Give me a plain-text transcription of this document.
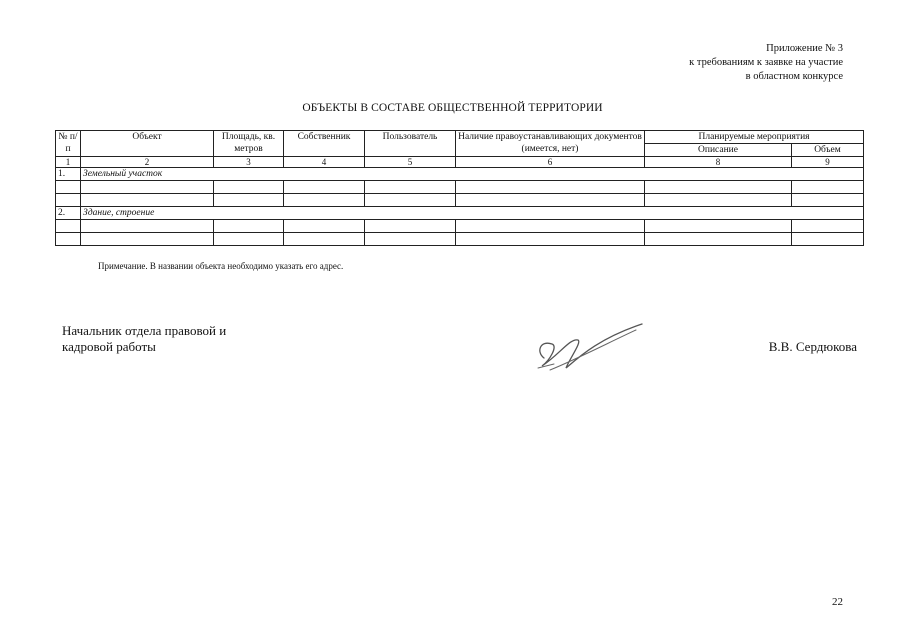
Приложение № 3
к требованиям к заявке на участие
в областном конкурсе
ОБЪЕКТЫ В СОСТАВЕ ОБЩЕСТВЕННОЙ ТЕРРИТОРИИ
№ п/п	Объект	Площадь, кв. метров	Собственник	Пользователь	Наличие правоустанавливающих документов (имеется, нет)	Планируемые мероприятия	
						Описание	Объем
1	2	3	4	5	6	8	9
1.	Земельный участок						

2.	Здание, строение						

Примечание. В названии объекта необходимо указать его адрес.
Начальник отдела правовой и
кадровой работы	В.В. Сердюкова
22
